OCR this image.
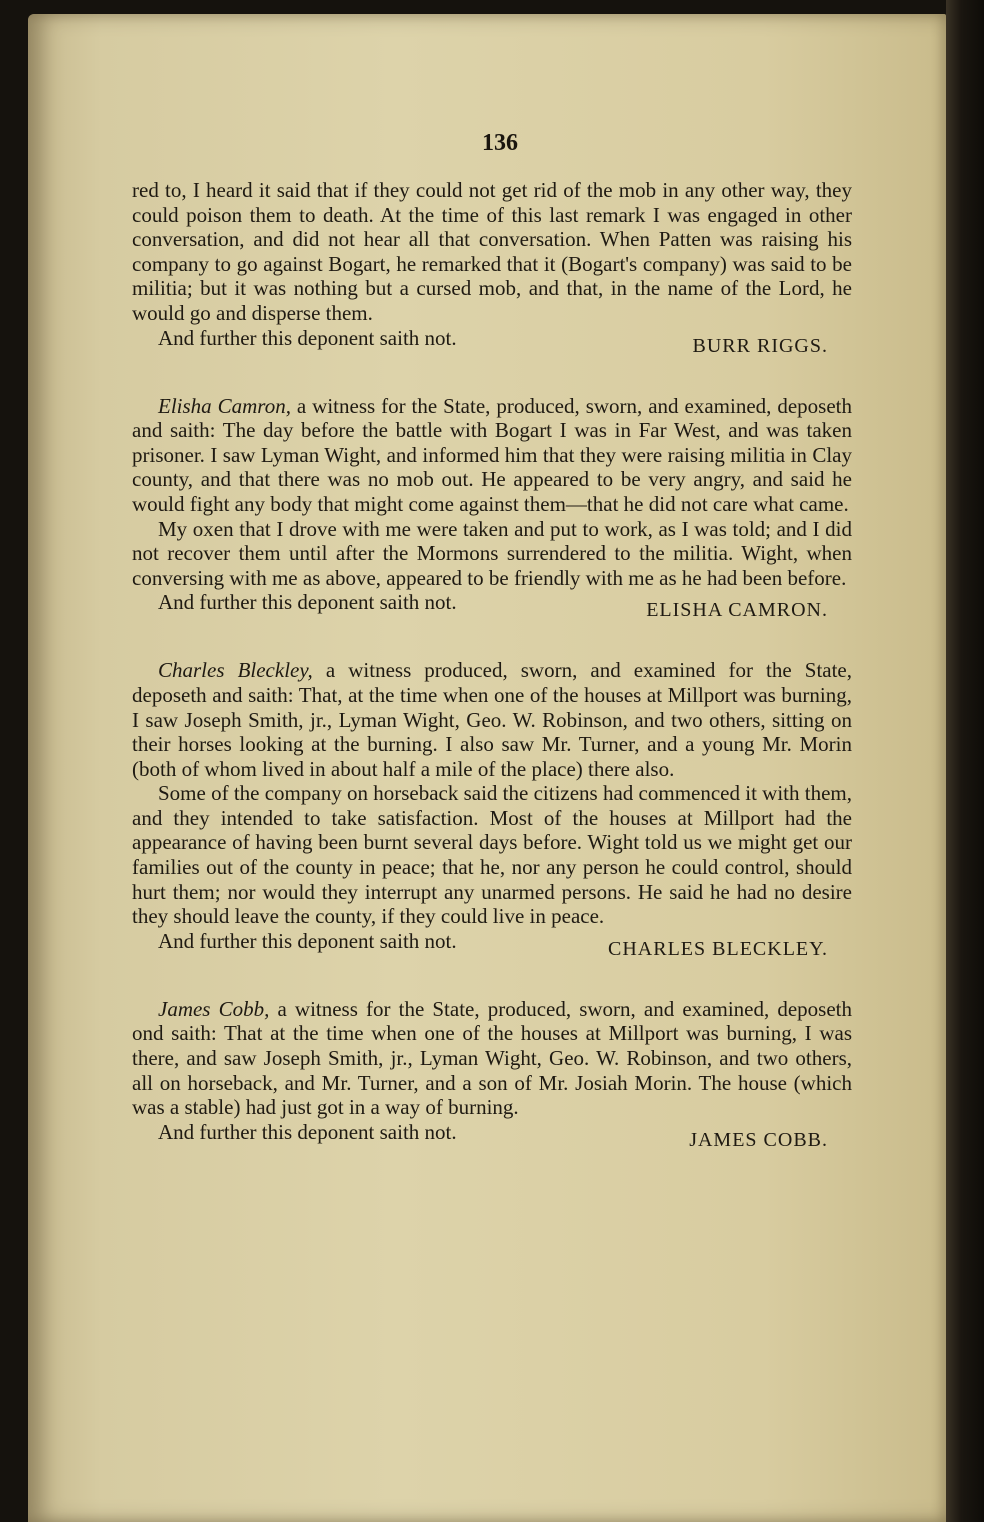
136

red to, I heard it said that if they could not get rid of the mob in any other way, they could poison them to death. At the time of this last remark I was engaged in other conversation, and did not hear all that conversation. When Patten was raising his company to go against Bogart, he remarked that it (Bogart's company) was said to be militia; but it was nothing but a cursed mob, and that, in the name of the Lord, he would go and disperse them.

And further this deponent saith not.	BURR RIGGS.

Elisha Camron, a witness for the State, produced, sworn, and examined, deposeth and saith: The day before the battle with Bogart I was in Far West, and was taken prisoner. I saw Lyman Wight, and informed him that they were raising militia in Clay county, and that there was no mob out. He appeared to be very angry, and said he would fight any body that might come against them—that he did not care what came.

My oxen that I drove with me were taken and put to work, as I was told; and I did not recover them until after the Mormons surrendered to the militia. Wight, when conversing with me as above, appeared to be friendly with me as he had been before.

And further this deponent saith not.	ELISHA CAMRON.

Charles Bleckley, a witness produced, sworn, and examined for the State, deposeth and saith: That, at the time when one of the houses at Millport was burning, I saw Joseph Smith, jr., Lyman Wight, Geo. W. Robinson, and two others, sitting on their horses looking at the burning. I also saw Mr. Turner, and a young Mr. Morin (both of whom lived in about half a mile of the place) there also.

Some of the company on horseback said the citizens had commenced it with them, and they intended to take satisfaction. Most of the houses at Millport had the appearance of having been burnt several days before. Wight told us we might get our families out of the county in peace; that he, nor any person he could control, should hurt them; nor would they interrupt any unarmed persons. He said he had no desire they should leave the county, if they could live in peace.

And further this deponent saith not.	CHARLES BLECKLEY.

James Cobb, a witness for the State, produced, sworn, and examined, deposeth ond saith: That at the time when one of the houses at Millport was burning, I was there, and saw Joseph Smith, jr., Lyman Wight, Geo. W. Robinson, and two others, all on horseback, and Mr. Turner, and a son of Mr. Josiah Morin. The house (which was a stable) had just got in a way of burning.

And further this deponent saith not.	JAMES COBB.
